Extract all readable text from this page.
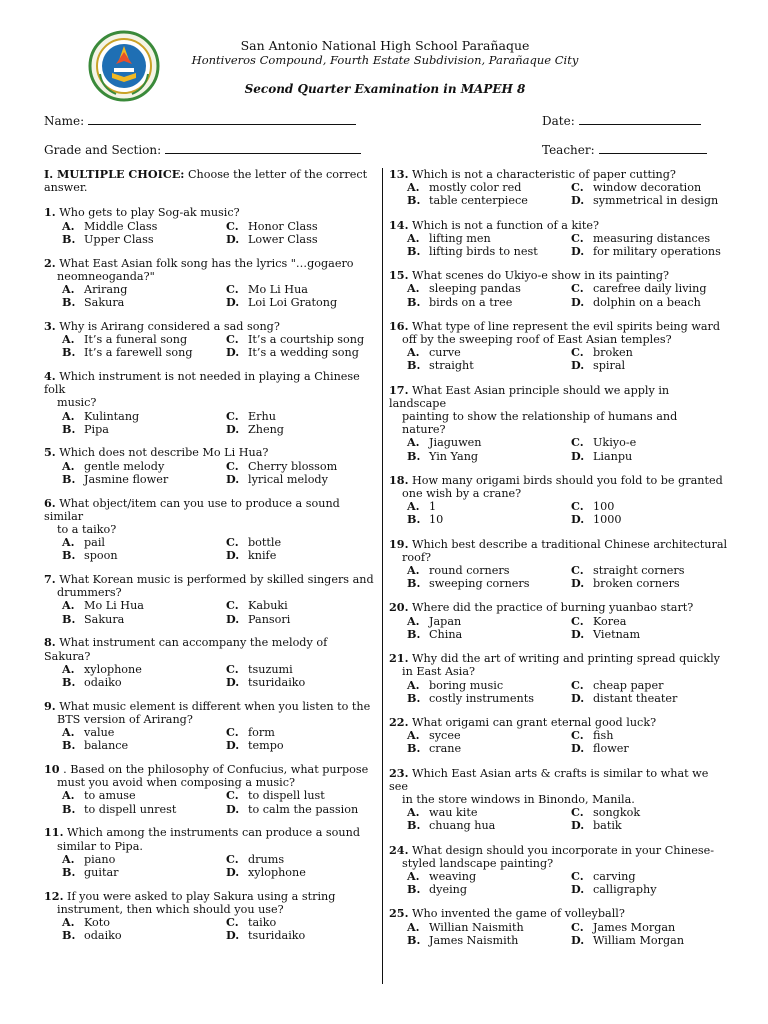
San Antonio National High School Parañaque
Hontiveros Compound, Fourth Estate Subdivision, Parañaque City
Second Quarter Examination in MAPEH 8
Name:	Date:
Grade and Section:	Teacher:
I. MULTIPLE CHOICE: Choose the letter of the correct answer.
1. Who gets to play Sog-ak music?
A. Middle Class	C. Honor Class
B. Upper Class	D. Lower Class
2. What East Asian folk song has the lyrics "…gogaero
neomneoganda?"
A. Arirang	C. Mo Li Hua
B. Sakura	D. Loi Loi Gratong
3. Why is Arirang considered a sad song?
A. It’s a funeral song	C. It’s a courtship song
B. It’s a farewell song	D. It’s a wedding song
4. Which instrument is not needed in playing a Chinese folk
music?
A. Kulintang	C. Erhu
B. Pipa	D. Zheng
5. Which does not describe Mo Li Hua?
A. gentle melody	C. Cherry blossom
B. Jasmine flower	D. lyrical melody
6. What object/item can you use to produce a sound similar
to a taiko?
A. pail	C. bottle
B. spoon	D. knife
7. What Korean music is performed by skilled singers and
drummers?
A. Mo Li Hua	C. Kabuki
B. Sakura	D. Pansori
8. What instrument can accompany the melody of Sakura?
A. xylophone	C. tsuzumi
B. odaiko	D. tsuridaiko
9. What music element is different when you listen to the
BTS version of Arirang?
A. value	C. form
B. balance	D. tempo
10 . Based on the philosophy of Confucius, what purpose
must you avoid when composing a music?
A. to amuse	C. to dispell lust
B. to dispell unrest	D. to calm the passion
11. Which among the instruments can produce a sound
similar to Pipa.
A. piano	C. drums
B. guitar	D. xylophone
12. If you were asked to play Sakura using a string
instrument, then which should you use?
A. Koto	C. taiko
B. odaiko	D. tsuridaiko
13. Which is not a characteristic of paper cutting?
A. mostly color red	C. window decoration
B. table centerpiece	D. symmetrical in design
14. Which is not a function of a kite?
A. lifting men	C. measuring distances
B. lifting birds to nest	D. for military operations
15. What scenes do Ukiyo-e show in its painting?
A. sleeping pandas	C. carefree daily living
B. birds on a tree	D. dolphin on a beach
16. What type of line represent the evil spirits being ward
off by the sweeping roof of East Asian temples?
A. curve	C. broken
B. straight	D. spiral
17. What East Asian principle should we apply in landscape
painting to show the relationship of humans and
nature?
A. Jiaguwen	C. Ukiyo-e
B. Yin Yang	D. Lianpu
18. How many origami birds should you fold to be granted
one wish by a crane?
A. 1	C. 100
B. 10	D. 1000
19. Which best describe a traditional Chinese architectural
roof?
A. round corners	C. straight corners
B. sweeping corners	D. broken corners
20. Where did the practice of burning yuanbao start?
A. Japan	C. Korea
B. China	D. Vietnam
21. Why did the art of writing and printing spread quickly
in East Asia?
A. boring music	C. cheap paper
B. costly instruments	D. distant theater
22. What origami can grant eternal good luck?
A. sycee	C. fish
B. crane	D. flower
23. Which East Asian arts & crafts is similar to what we see
in the store windows in Binondo, Manila.
A. wau kite	C. songkok
B. chuang hua	D. batik
24. What design should you incorporate in your Chinese-
styled landscape painting?
A. weaving	C. carving
B. dyeing	D. calligraphy
25. Who invented the game of volleyball?
A. Willian Naismith	C. James Morgan
B. James Naismith	D. William Morgan
